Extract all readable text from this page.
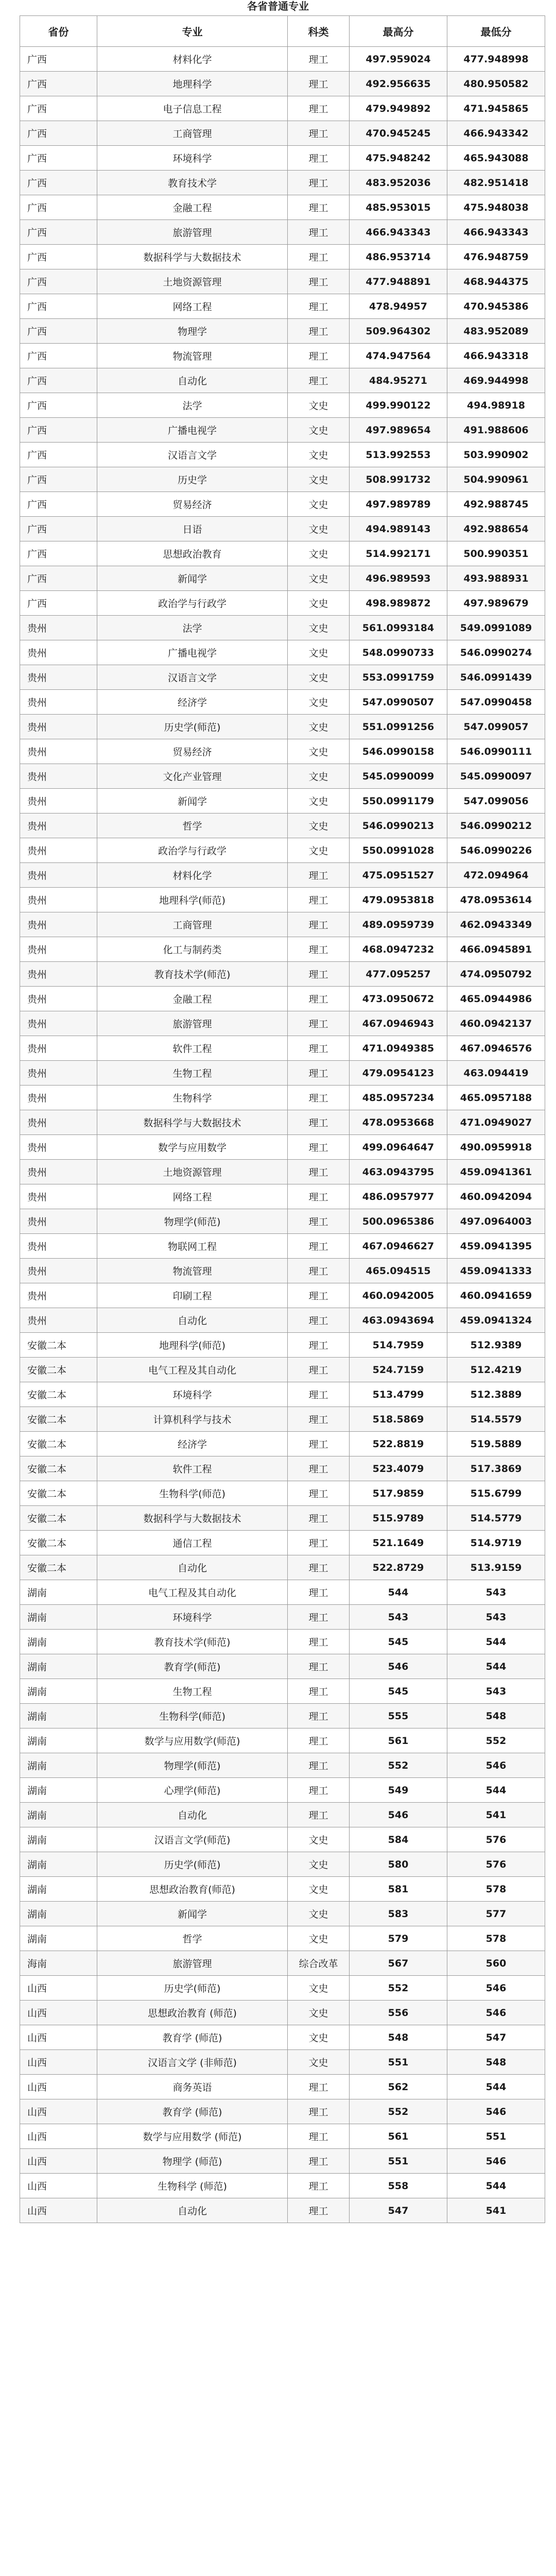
各省普通专业
省份	专业	科类	最高分	最低分
广西	材料化学	理工	497.959024	477.948998
广西	地理科学	理工	492.956635	480.950582
广西	电子信息工程	理工	479.949892	471.945865
广西	工商管理	理工	470.945245	466.943342
广西	环境科学	理工	475.948242	465.943088
广西	教育技术学	理工	483.952036	482.951418
广西	金融工程	理工	485.953015	475.948038
广西	旅游管理	理工	466.943343	466.943343
广西	数据科学与大数据技术	理工	486.953714	476.948759
广西	土地资源管理	理工	477.948891	468.944375
广西	网络工程	理工	478.94957	470.945386
广西	物理学	理工	509.964302	483.952089
广西	物流管理	理工	474.947564	466.943318
广西	自动化	理工	484.95271	469.944998
广西	法学	文史	499.990122	494.98918
广西	广播电视学	文史	497.989654	491.988606
广西	汉语言文学	文史	513.992553	503.990902
广西	历史学	文史	508.991732	504.990961
广西	贸易经济	文史	497.989789	492.988745
广西	日语	文史	494.989143	492.988654
广西	思想政治教育	文史	514.992171	500.990351
广西	新闻学	文史	496.989593	493.988931
广西	政治学与行政学	文史	498.989872	497.989679
贵州	法学	文史	561.0993184	549.0991089
贵州	广播电视学	文史	548.0990733	546.0990274
贵州	汉语言文学	文史	553.0991759	546.0991439
贵州	经济学	文史	547.0990507	547.0990458
贵州	历史学(师范)	文史	551.0991256	547.099057
贵州	贸易经济	文史	546.0990158	546.0990111
贵州	文化产业管理	文史	545.0990099	545.0990097
贵州	新闻学	文史	550.0991179	547.099056
贵州	哲学	文史	546.0990213	546.0990212
贵州	政治学与行政学	文史	550.0991028	546.0990226
贵州	材料化学	理工	475.0951527	472.094964
贵州	地理科学(师范)	理工	479.0953818	478.0953614
贵州	工商管理	理工	489.0959739	462.0943349
贵州	化工与制药类	理工	468.0947232	466.0945891
贵州	教育技术学(师范)	理工	477.095257	474.0950792
贵州	金融工程	理工	473.0950672	465.0944986
贵州	旅游管理	理工	467.0946943	460.0942137
贵州	软件工程	理工	471.0949385	467.0946576
贵州	生物工程	理工	479.0954123	463.094419
贵州	生物科学	理工	485.0957234	465.0957188
贵州	数据科学与大数据技术	理工	478.0953668	471.0949027
贵州	数学与应用数学	理工	499.0964647	490.0959918
贵州	土地资源管理	理工	463.0943795	459.0941361
贵州	网络工程	理工	486.0957977	460.0942094
贵州	物理学(师范)	理工	500.0965386	497.0964003
贵州	物联网工程	理工	467.0946627	459.0941395
贵州	物流管理	理工	465.094515	459.0941333
贵州	印刷工程	理工	460.0942005	460.0941659
贵州	自动化	理工	463.0943694	459.0941324
安徽二本	地理科学(师范)	理工	514.7959	512.9389
安徽二本	电气工程及其自动化	理工	524.7159	512.4219
安徽二本	环境科学	理工	513.4799	512.3889
安徽二本	计算机科学与技术	理工	518.5869	514.5579
安徽二本	经济学	理工	522.8819	519.5889
安徽二本	软件工程	理工	523.4079	517.3869
安徽二本	生物科学(师范)	理工	517.9859	515.6799
安徽二本	数据科学与大数据技术	理工	515.9789	514.5779
安徽二本	通信工程	理工	521.1649	514.9719
安徽二本	自动化	理工	522.8729	513.9159
湖南	电气工程及其自动化	理工	544	543
湖南	环境科学	理工	543	543
湖南	教育技术学(师范)	理工	545	544
湖南	教育学(师范)	理工	546	544
湖南	生物工程	理工	545	543
湖南	生物科学(师范)	理工	555	548
湖南	数学与应用数学(师范)	理工	561	552
湖南	物理学(师范)	理工	552	546
湖南	心理学(师范)	理工	549	544
湖南	自动化	理工	546	541
湖南	汉语言文学(师范)	文史	584	576
湖南	历史学(师范)	文史	580	576
湖南	思想政治教育(师范)	文史	581	578
湖南	新闻学	文史	583	577
湖南	哲学	文史	579	578
海南	旅游管理	综合改革	567	560
山西	历史学(师范)	文史	552	546
山西	思想政治教育 (师范)	文史	556	546
山西	教育学 (师范)	文史	548	547
山西	汉语言文学 (非师范)	文史	551	548
山西	商务英语	理工	562	544
山西	教育学 (师范)	理工	552	546
山西	数学与应用数学 (师范)	理工	561	551
山西	物理学 (师范)	理工	551	546
山西	生物科学 (师范)	理工	558	544
山西	自动化	理工	547	541
